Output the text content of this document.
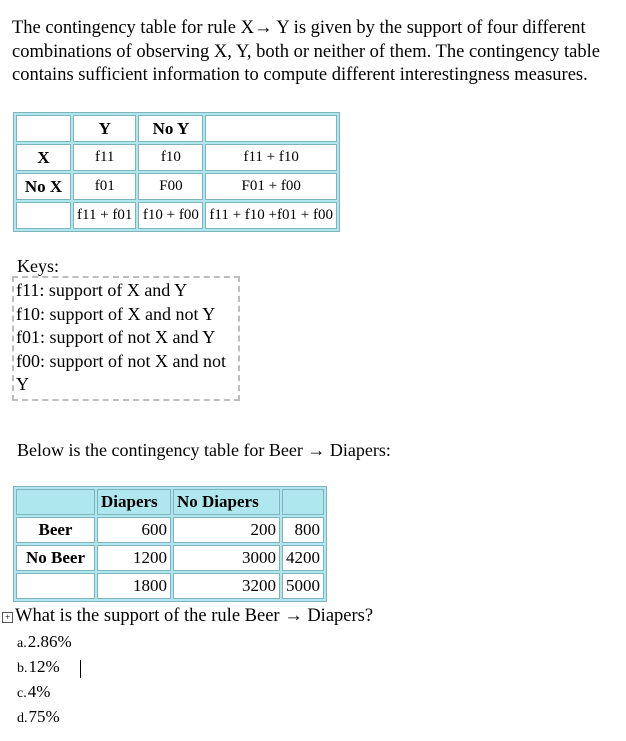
The contingency table for rule X→ Y is given by the support of four different combinations of observing X, Y, both or neither of them. The contingency table contains sufficient information to compute different interestingness measures.
	Y	No Y	
X	f11	f10	f11 + f10
No X	f01	F00	F01 + f00
	f11 + f01	f10 + f00	f11 + f10 +f01 + f00
Keys:
f11: support of X and Y
f10: support of X and not Y
f01: support of not X and Y
f00: support of not X and not Y
Below is the contingency table for Beer → Diapers:
	Diapers	No Diapers	
Beer	600	200	800
No Beer	1200	3000	4200
	1800	3200	5000
+ What is the support of the rule Beer → Diapers?
a.2.86%
b.12%
c.4%
d.75%
